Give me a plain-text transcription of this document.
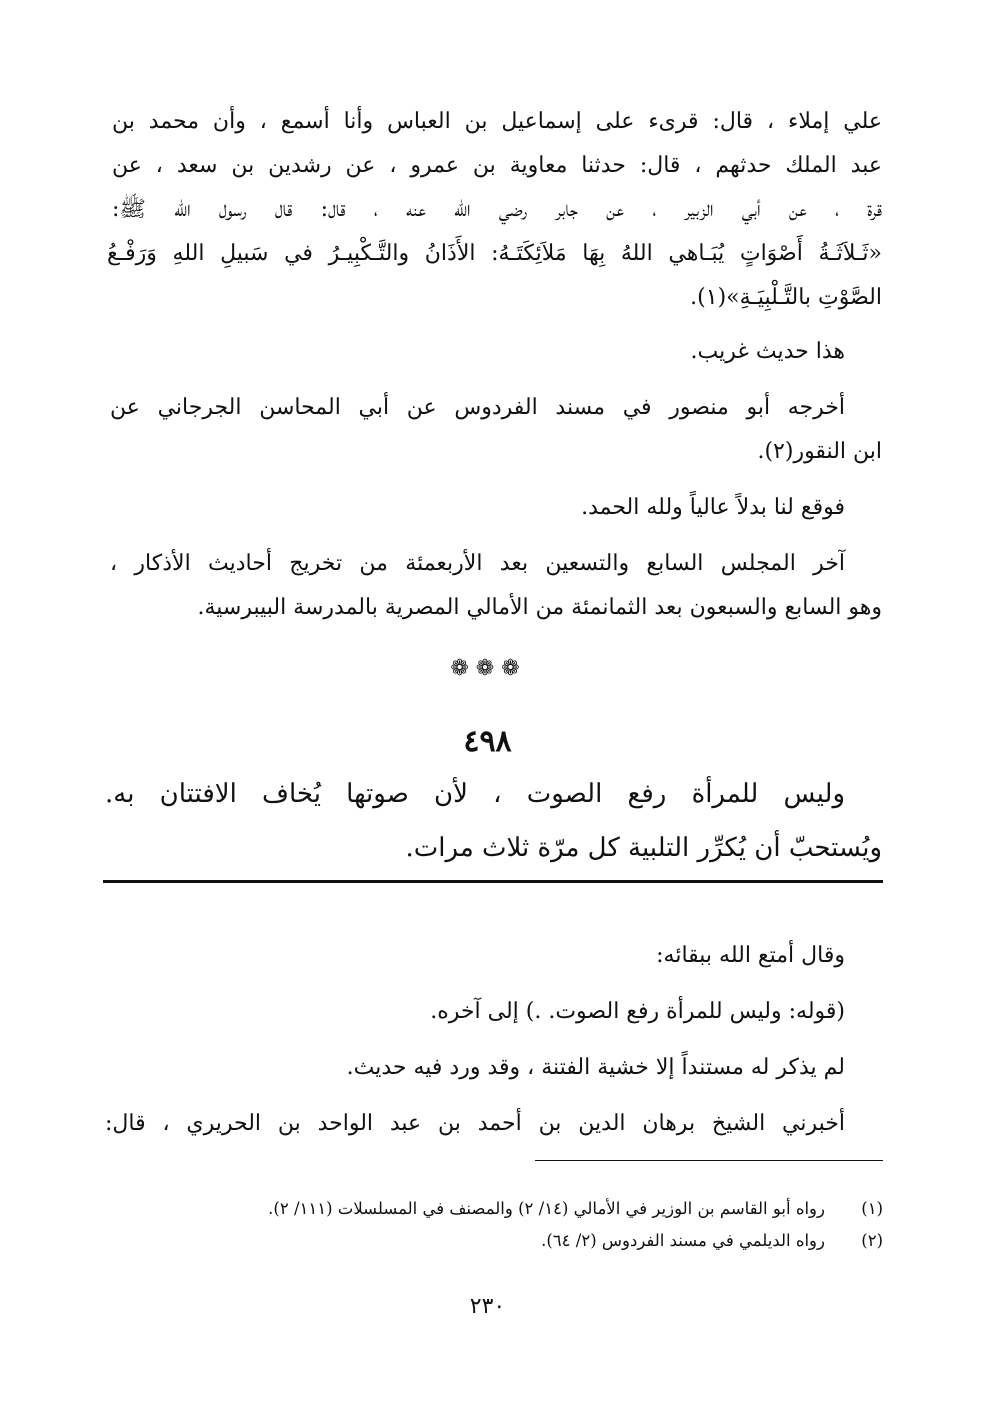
علي إملاء ، قال: قرىء على إسماعيل بن العباس وأنا أسمع ، وأن محمد بن
عبد الملك حدثهم ، قال: حدثنا معاوية بن عمرو ، عن رشدين بن سعد ، عن
قرة ، عن أبي الزبير ، عن جابر رضي الله عنه ، قال: قال رسول الله ﷺ:
«ثَـلاَثَـةُ أَصْوَاتٍ يُبَـاهي اللهُ بِهَا مَلاَئِكَتَـهُ: الأَذَانُ والتَّـكْبِيـرُ في سَبيلِ اللهِ وَرَفْـعُ
الصَّوْتِ بالتَّـلْبِيَـةِ»(١).
هذا حديث غريب.
أخرجه أبو منصور في مسند الفردوس عن أبي المحاسن الجرجاني عن
ابن النقور(٢).
فوقع لنا بدلاً عالياً ولله الحمد.
آخر المجلس السابع والتسعين بعد الأربعمئة من تخريج أحاديث الأذكار ،
وهو السابع والسبعون بعد الثمانمئة من الأمالي المصرية بالمدرسة البيبرسية.
❁ ❁ ❁
٤٩٨
وليس للمرأة رفع الصوت ، لأن صوتها يُخاف الافتتان به.
ويُستحبّ أن يُكرِّر التلبية كل مرّة ثلاث مرات.
وقال أمتع الله ببقائه:
(قوله: وليس للمرأة رفع الصوت. .) إلى آخره.
لم يذكر له مستنداً إلا خشية الفتنة ، وقد ورد فيه حديث.
أخبرني الشيخ برهان الدين بن أحمد بن عبد الواحد بن الحريري ، قال:
(١)
رواه أبو القاسم بن الوزير في الأمالي (١٤/ ٢) والمصنف في المسلسلات (١١١/ ٢).
(٢)
رواه الديلمي في مسند الفردوس (٢/ ٦٤).
٢٣٠
